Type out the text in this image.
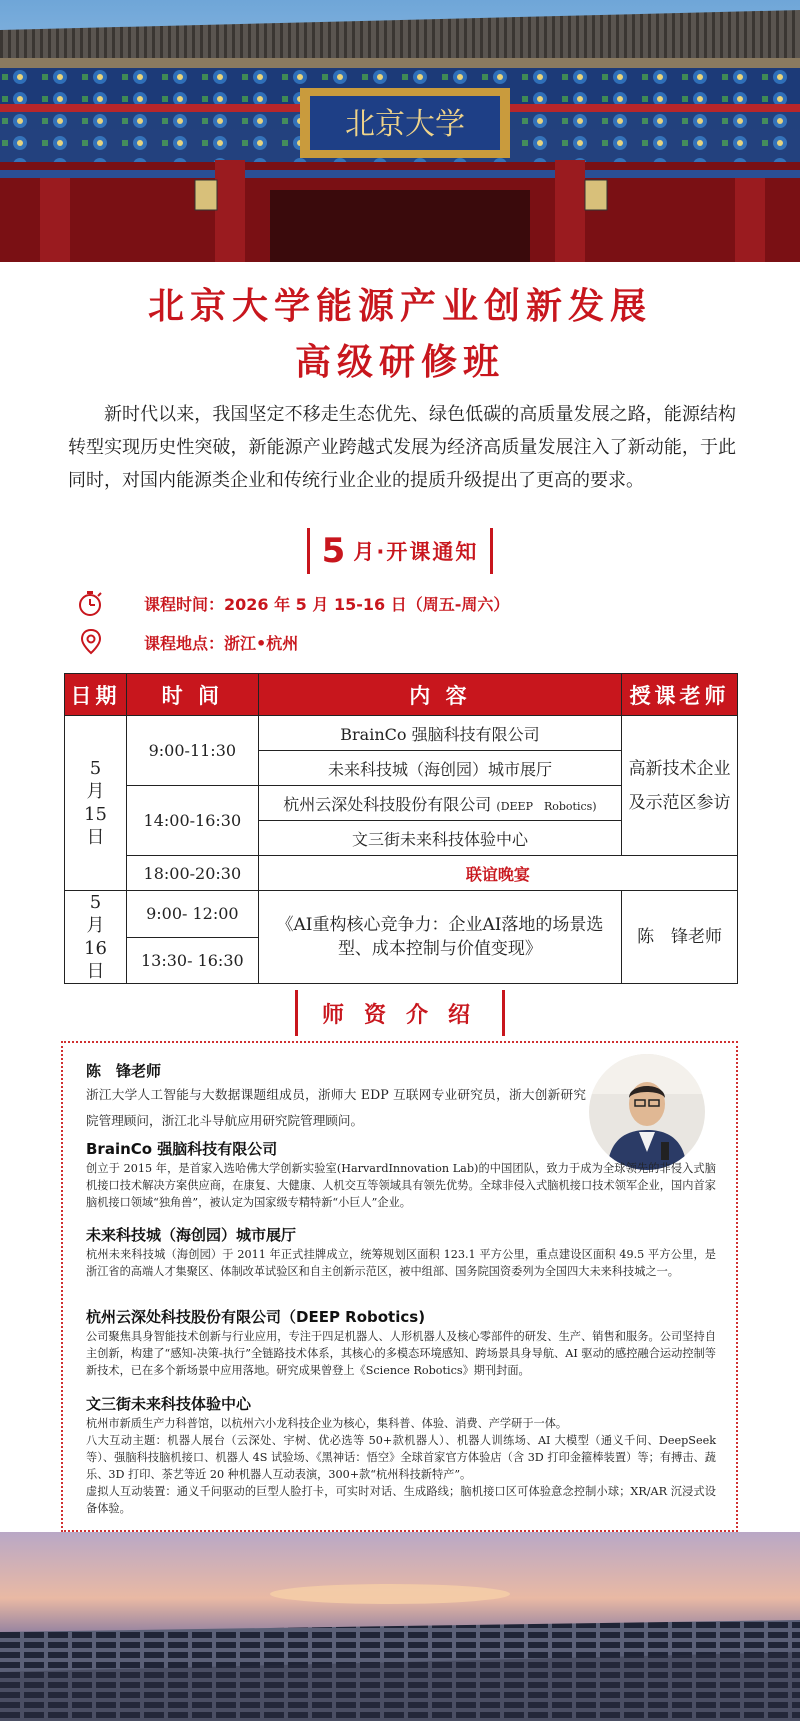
北京大学
北京大学能源产业创新发展
高级研修班

新时代以来，我国坚定不移走生态优先、绿色低碳的高质量发展之路，能源结构转型实现历史性突破，新能源产业跨越式发展为经济高质量发展注入了新动能，于此同时，对国内能源类企业和传统行业企业的提质升级提出了更高的要求。

5 月·开课通知
课程时间：2026 年 5 月 15-16 日（周五-周六）
课程地点：浙江•杭州
日期	时 间	内 容	授课老师

5
月
15
日	9:00-11:30	BrainCo 强脑科技有限公司	高新技术企业及示范区参访
		未来科技城（海创园）城市展厅	
	14:00-16:30	杭州云深处科技股份有限公司 (DEEP　Robotics)	
		文三街未来科技体验中心	
	18:00-20:30	联谊晚宴	

5
月
16
日	9:00- 12:00	《AI重构核心竞争力：企业AI落地的场景选型、成本控制与价值变现》	陈　锋老师
	13:30- 16:30		
师资介绍
陈　锋老师

浙江大学人工智能与大数据课题组成员，浙师大 EDP 互联网专业研究员，浙大创新研究院管理顾问，浙江北斗导航应用研究院管理顾问。

BrainCo 强脑科技有限公司

创立于 2015 年，是首家入选哈佛大学创新实验室(HarvardInnovation Lab)的中国团队，致力于成为全球领先的非侵入式脑机接口技术解决方案供应商，在康复、大健康、人机交互等领域具有领先优势。全球非侵入式脑机接口技术领军企业，国内首家脑机接口领域“独角兽”，被认定为国家级专精特新“小巨人”企业。

未来科技城（海创园）城市展厅

杭州未来科技城（海创园）于 2011 年正式挂牌成立，统筹规划区面积 123.1 平方公里，重点建设区面积 49.5 平方公里，是浙江省的高端人才集聚区、体制改革试验区和自主创新示范区，被中组部、国务院国资委列为全国四大未来科技城之一。

杭州云深处科技股份有限公司（DEEP Robotics)

公司聚焦具身智能技术创新与行业应用，专注于四足机器人、人形机器人及核心零部件的研发、生产、销售和服务。公司坚持自主创新，构建了“感知-决策-执行”全链路技术体系，其核心的多模态环境感知、跨场景具身导航、AI 驱动的感控融合运动控制等新技术，已在多个新场景中应用落地。研究成果曾登上《Science Robotics》期刊封面。

文三街未来科技体验中心

杭州市新质生产力科普馆，以杭州六小龙科技企业为核心，集科普、体验、消费、产学研于一体。

八大互动主题：机器人展台（云深处、宇树、优必选等 50+款机器人）、机器人训练场、AI 大模型（通义千问、DeepSeek 等）、强脑科技脑机接口、机器人 4S 试验场、《黑神话：悟空》全球首家官方体验店（含 3D 打印金箍棒装置）等；有搏击、蔬乐、3D 打印、茶艺等近 20 种机器人互动表演，300+款“杭州科技新特产”。

虚拟人互动装置：通义千问驱动的巨型人脸打卡，可实时对话、生成路线；脑机接口区可体验意念控制小球；XR/AR 沉浸式设备体验。
